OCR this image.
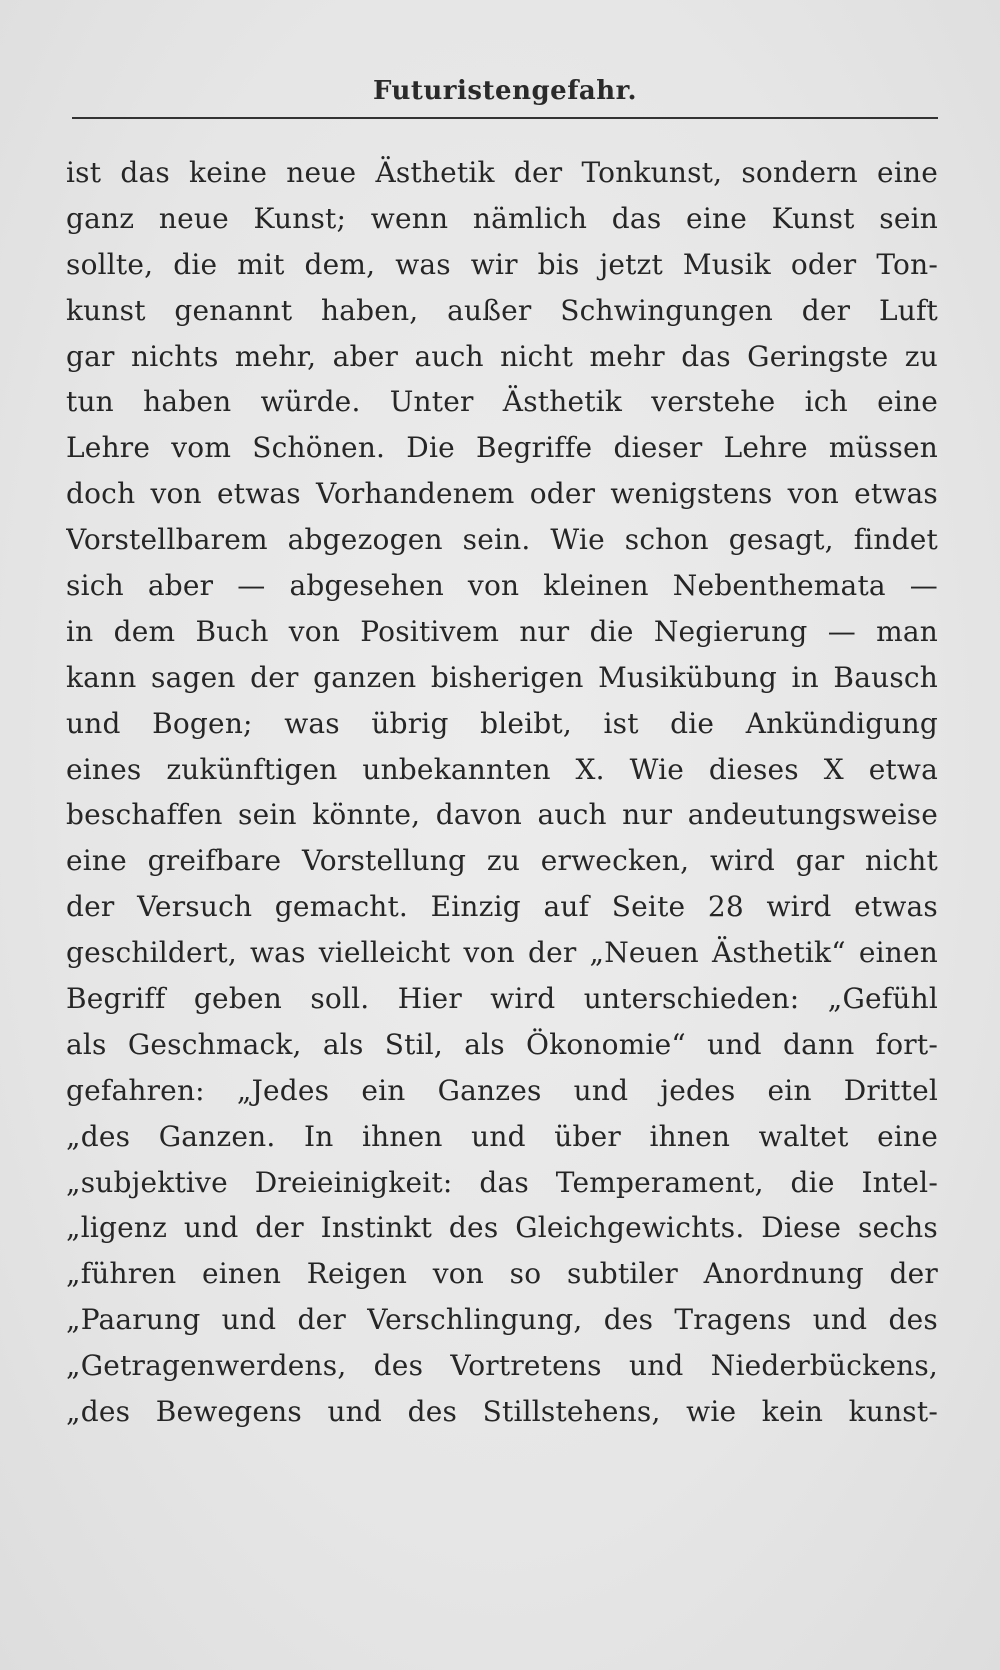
Futuristengefahr.
ist das keine neue Ästhetik der Tonkunst, sondern eine
ganz neue Kunst; wenn nämlich das eine Kunst sein
sollte, die mit dem, was wir bis jetzt Musik oder Ton-
kunst genannt haben, außer Schwingungen der Luft
gar nichts mehr, aber auch nicht mehr das Geringste zu
tun haben würde. Unter Ästhetik verstehe ich eine
Lehre vom Schönen. Die Begriffe dieser Lehre müssen
doch von etwas Vorhandenem oder wenigstens von etwas
Vorstellbarem abgezogen sein. Wie schon gesagt, findet
sich aber — abgesehen von kleinen Nebenthemata —
in dem Buch von Positivem nur die Negierung — man
kann sagen der ganzen bisherigen Musikübung in Bausch
und Bogen; was übrig bleibt, ist die Ankündigung
eines zukünftigen unbekannten X. Wie dieses X etwa
beschaffen sein könnte, davon auch nur andeutungsweise
eine greifbare Vorstellung zu erwecken, wird gar nicht
der Versuch gemacht. Einzig auf Seite 28 wird etwas
geschildert, was vielleicht von der „Neuen Ästhetik“ einen
Begriff geben soll. Hier wird unterschieden: „Gefühl
als Geschmack, als Stil, als Ökonomie“ und dann fort-
gefahren: „Jedes ein Ganzes und jedes ein Drittel
„des Ganzen. In ihnen und über ihnen waltet eine
„subjektive Dreieinigkeit: das Temperament, die Intel-
„ligenz und der Instinkt des Gleichgewichts. Diese sechs
„führen einen Reigen von so subtiler Anordnung der
„Paarung und der Verschlingung, des Tragens und des
„Getragenwerdens, des Vortretens und Niederbückens,
„des Bewegens und des Stillstehens, wie kein kunst-
